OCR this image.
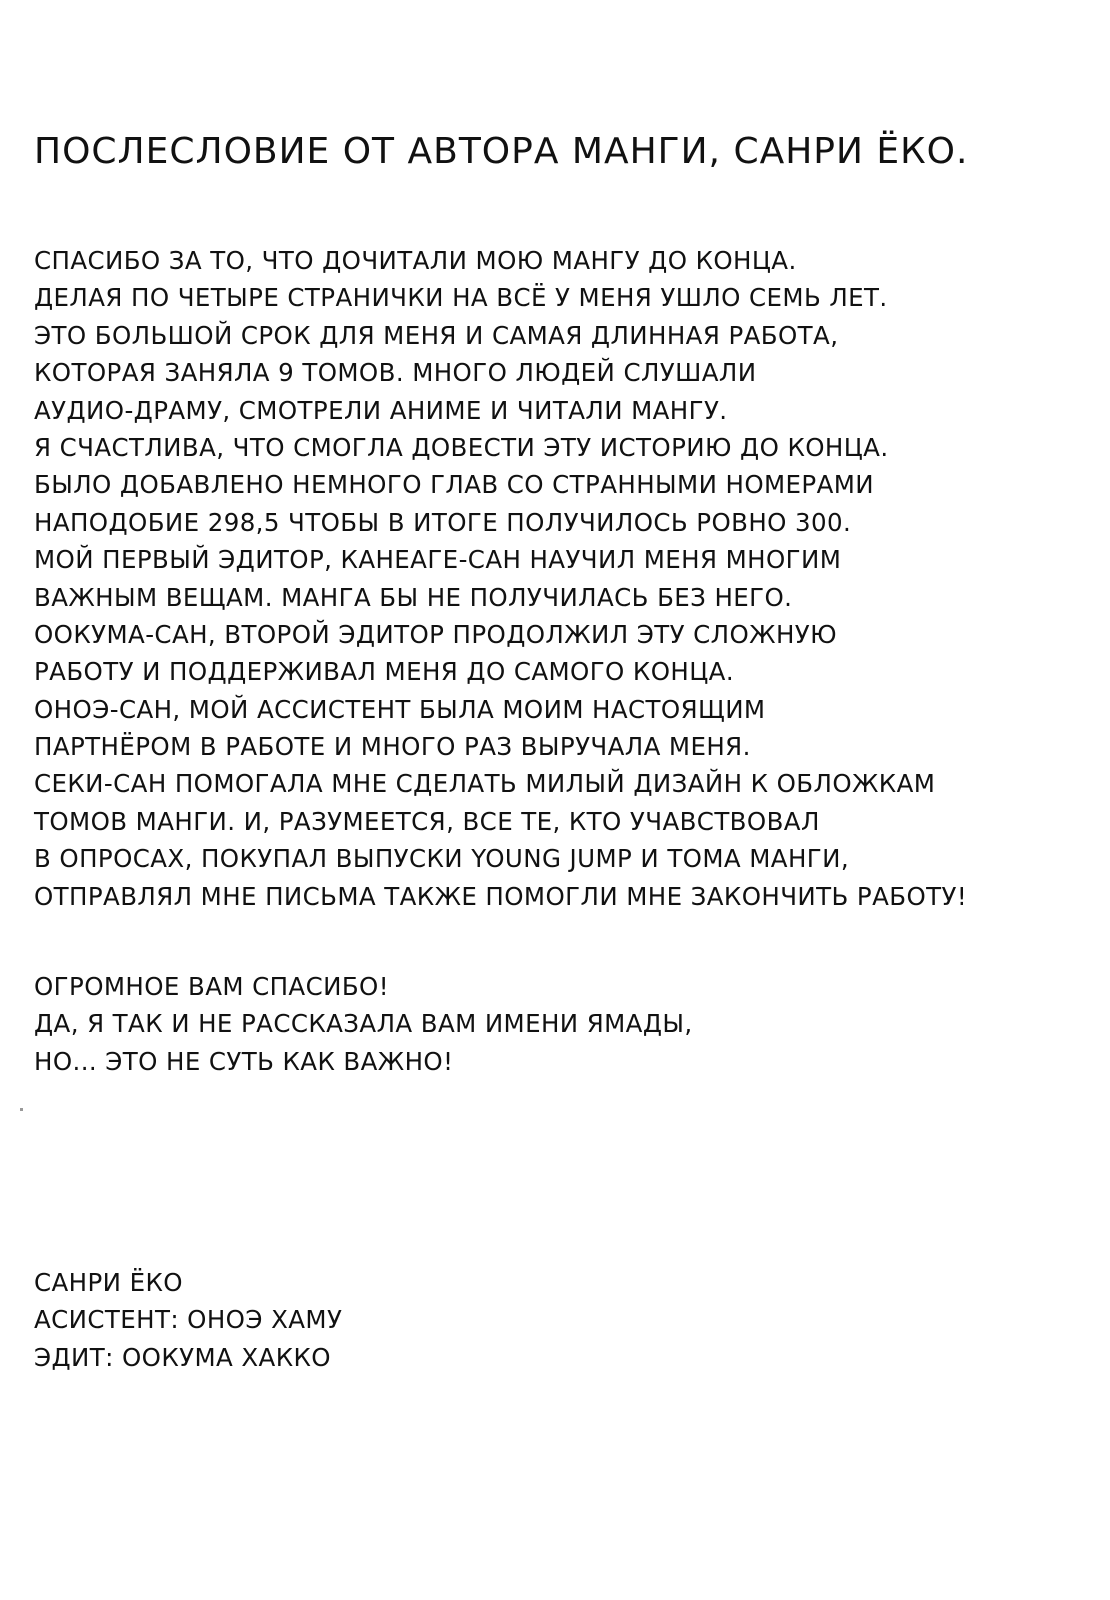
ПОСЛЕСЛОВИЕ ОТ АВТОРА МАНГИ, САНРИ ЁКО.
СПАСИБО ЗА ТО, ЧТО ДОЧИТАЛИ МОЮ МАНГУ ДО КОНЦА.
ДЕЛАЯ ПО ЧЕТЫРЕ СТРАНИЧКИ НА ВСЁ У МЕНЯ УШЛО СЕМЬ ЛЕТ.
ЭТО БОЛЬШОЙ СРОК ДЛЯ МЕНЯ И САМАЯ ДЛИННАЯ РАБОТА,
КОТОРАЯ ЗАНЯЛА 9 ТОМОВ. МНОГО ЛЮДЕЙ СЛУШАЛИ
АУДИО-ДРАМУ, СМОТРЕЛИ АНИМЕ И ЧИТАЛИ МАНГУ.
Я СЧАСТЛИВА, ЧТО СМОГЛА ДОВЕСТИ ЭТУ ИСТОРИЮ ДО КОНЦА.
БЫЛО ДОБАВЛЕНО НЕМНОГО ГЛАВ СО СТРАННЫМИ НОМЕРАМИ
НАПОДОБИЕ 298,5 ЧТОБЫ В ИТОГЕ ПОЛУЧИЛОСЬ РОВНО 300.
МОЙ ПЕРВЫЙ ЭДИТОР, КАНЕАГЕ-САН НАУЧИЛ МЕНЯ МНОГИМ
ВАЖНЫМ ВЕЩАМ. МАНГА БЫ НЕ ПОЛУЧИЛАСЬ БЕЗ НЕГО.
ООКУМА-САН, ВТОРОЙ ЭДИТОР ПРОДОЛЖИЛ ЭТУ СЛОЖНУЮ
РАБОТУ И ПОДДЕРЖИВАЛ МЕНЯ ДО САМОГО КОНЦА.
ОНОЭ-САН, МОЙ АССИСТЕНТ БЫЛА МОИМ НАСТОЯЩИМ
ПАРТНЁРОМ В РАБОТЕ И МНОГО РАЗ ВЫРУЧАЛА МЕНЯ.
СЕКИ-САН ПОМОГАЛА МНЕ СДЕЛАТЬ МИЛЫЙ ДИЗАЙН К ОБЛОЖКАМ
ТОМОВ МАНГИ. И, РАЗУМЕЕТСЯ, ВСЕ ТЕ, КТО УЧАВСТВОВАЛ
В ОПРОСАХ, ПОКУПАЛ ВЫПУСКИ YOUNG JUMP И ТОМА МАНГИ,
ОТПРАВЛЯЛ МНЕ ПИСЬМА ТАКЖЕ ПОМОГЛИ МНЕ ЗАКОНЧИТЬ РАБОТУ!
ОГРОМНОЕ ВАМ СПАСИБО!
ДА, Я ТАК И НЕ РАССКАЗАЛА ВАМ ИМЕНИ ЯМАДЫ,
НО... ЭТО НЕ СУТЬ КАК ВАЖНО!
САНРИ ЁКО
АСИСТЕНТ: ОНОЭ ХАМУ
ЭДИТ: ООКУМА ХАККО
